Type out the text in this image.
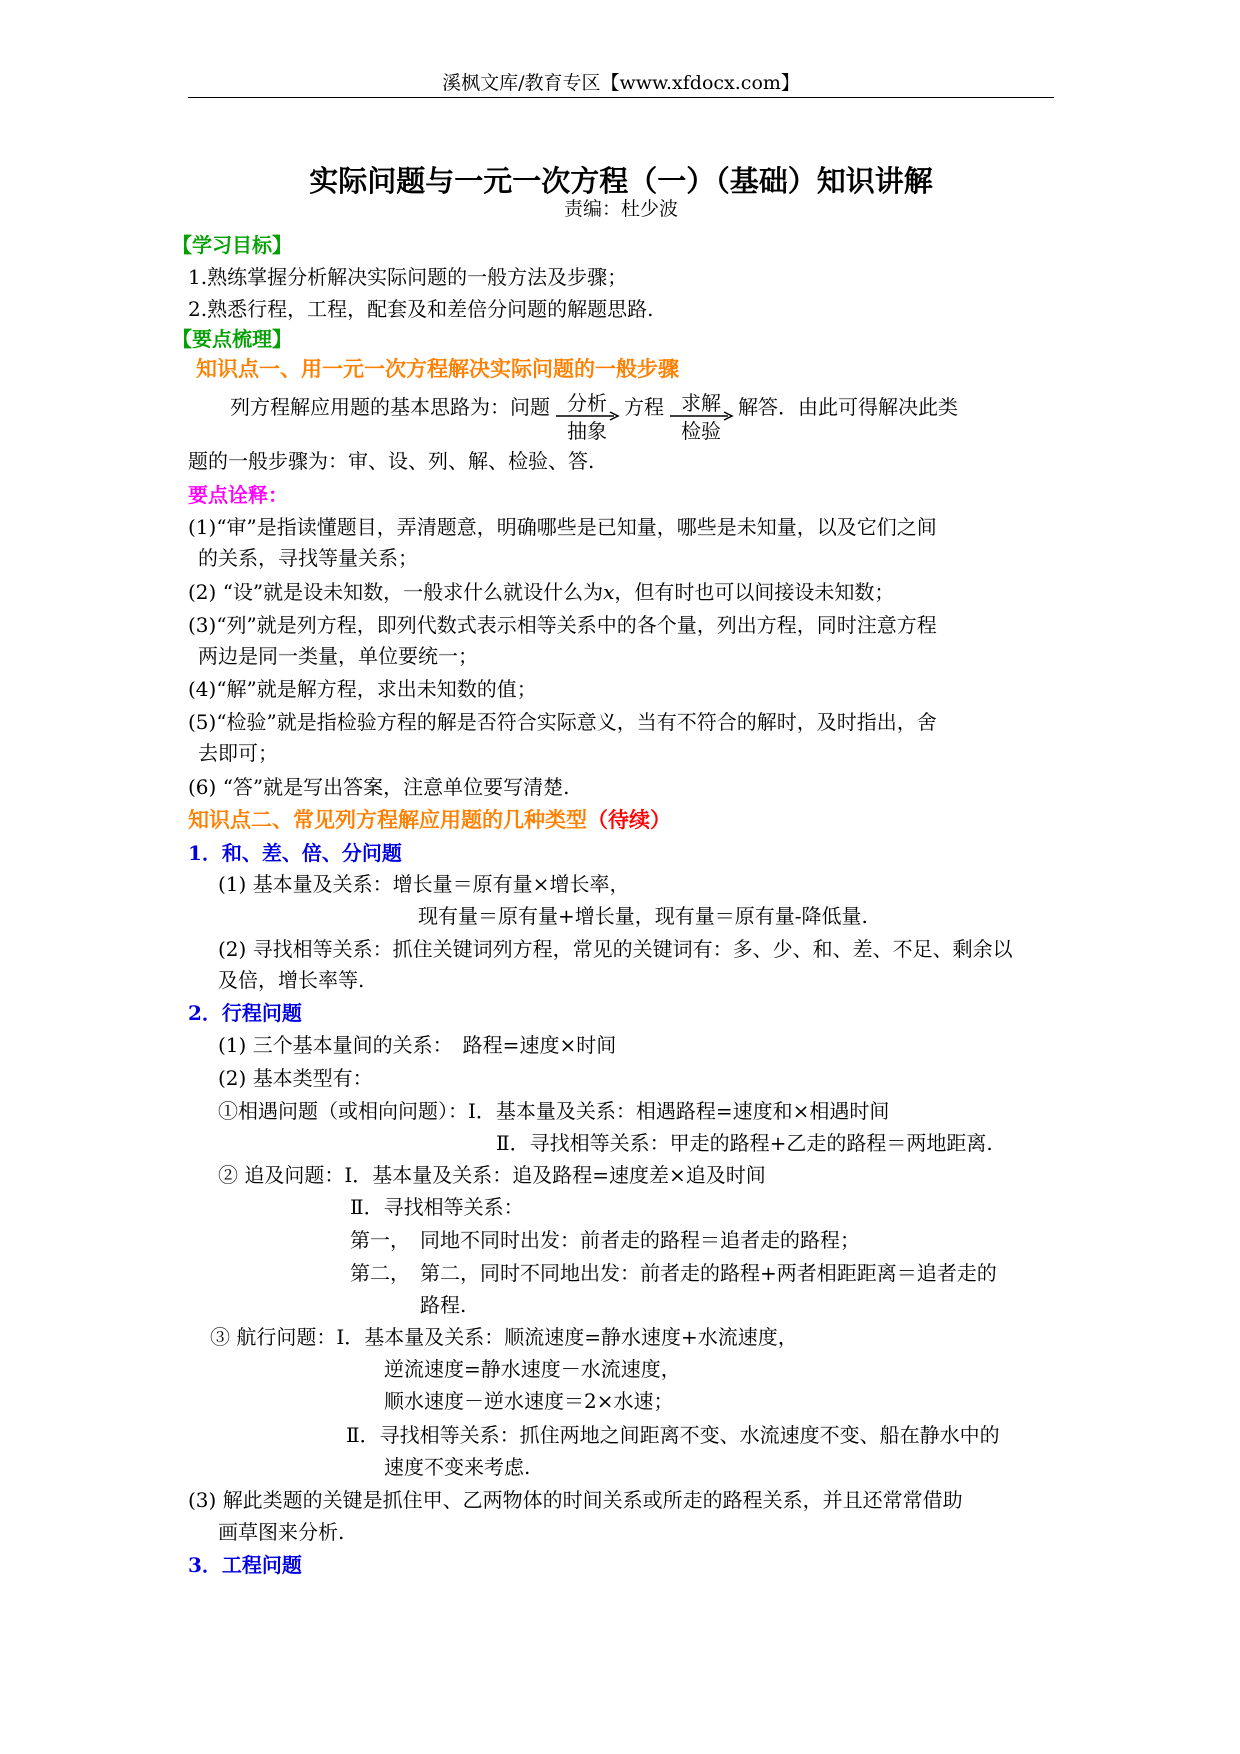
溪枫文库/教育专区【www.xfdocx.com】
实际问题与一元一次方程（一）（基础）知识讲解
责编：杜少波
【学习目标】
1.熟练掌握分析解决实际问题的一般方法及步骤；
2.熟悉行程，工程，配套及和差倍分问题的解题思路.
【要点梳理】
知识点一、用一元一次方程解决实际问题的一般步骤
列方程解应用题的基本思路为：问题 分析
抽象
方程 求解
检验
解答．由此可得解决此类
题的一般步骤为：审、设、列、解、检验、答.
要点诠释：
(1)“审”是指读懂题目，弄清题意，明确哪些是已知量，哪些是未知量，以及它们之间
的关系，寻找等量关系；
(2) “设”就是设未知数，一般求什么就设什么为x，但有时也可以间接设未知数；
(3)“列”就是列方程，即列代数式表示相等关系中的各个量，列出方程，同时注意方程
两边是同一类量，单位要统一；
(4)“解”就是解方程，求出未知数的值；
(5)“检验”就是指检验方程的解是否符合实际意义，当有不符合的解时，及时指出，舍
去即可；
(6) “答”就是写出答案，注意单位要写清楚.
知识点二、常见列方程解应用题的几种类型（待续）
1．和、差、倍、分问题
(1) 基本量及关系：增长量＝原有量×增长率，
现有量＝原有量+增长量，现有量＝原有量-降低量.
(2) 寻找相等关系：抓住关键词列方程，常见的关键词有：多、少、和、差、不足、剩余以
及倍，增长率等.
2．行程问题
(1) 三个基本量间的关系：　路程=速度×时间
(2) 基本类型有：
①相遇问题（或相向问题）：Ⅰ．基本量及关系：相遇路程=速度和×相遇时间
Ⅱ．寻找相等关系：甲走的路程+乙走的路程＝两地距离.
② 追及问题：Ⅰ．基本量及关系：追及路程=速度差×追及时间
Ⅱ．寻找相等关系：
第一，　同地不同时出发：前者走的路程＝追者走的路程；
第二，　第二，同时不同地出发：前者走的路程+两者相距距离＝追者走的
路程.
③ 航行问题：Ⅰ．基本量及关系：顺流速度=静水速度+水流速度，
逆流速度=静水速度－水流速度，
顺水速度－逆水速度＝2×水速；
Ⅱ．寻找相等关系：抓住两地之间距离不变、水流速度不变、船在静水中的
速度不变来考虑.
(3) 解此类题的关键是抓住甲、乙两物体的时间关系或所走的路程关系，并且还常常借助
画草图来分析.
3．工程问题
